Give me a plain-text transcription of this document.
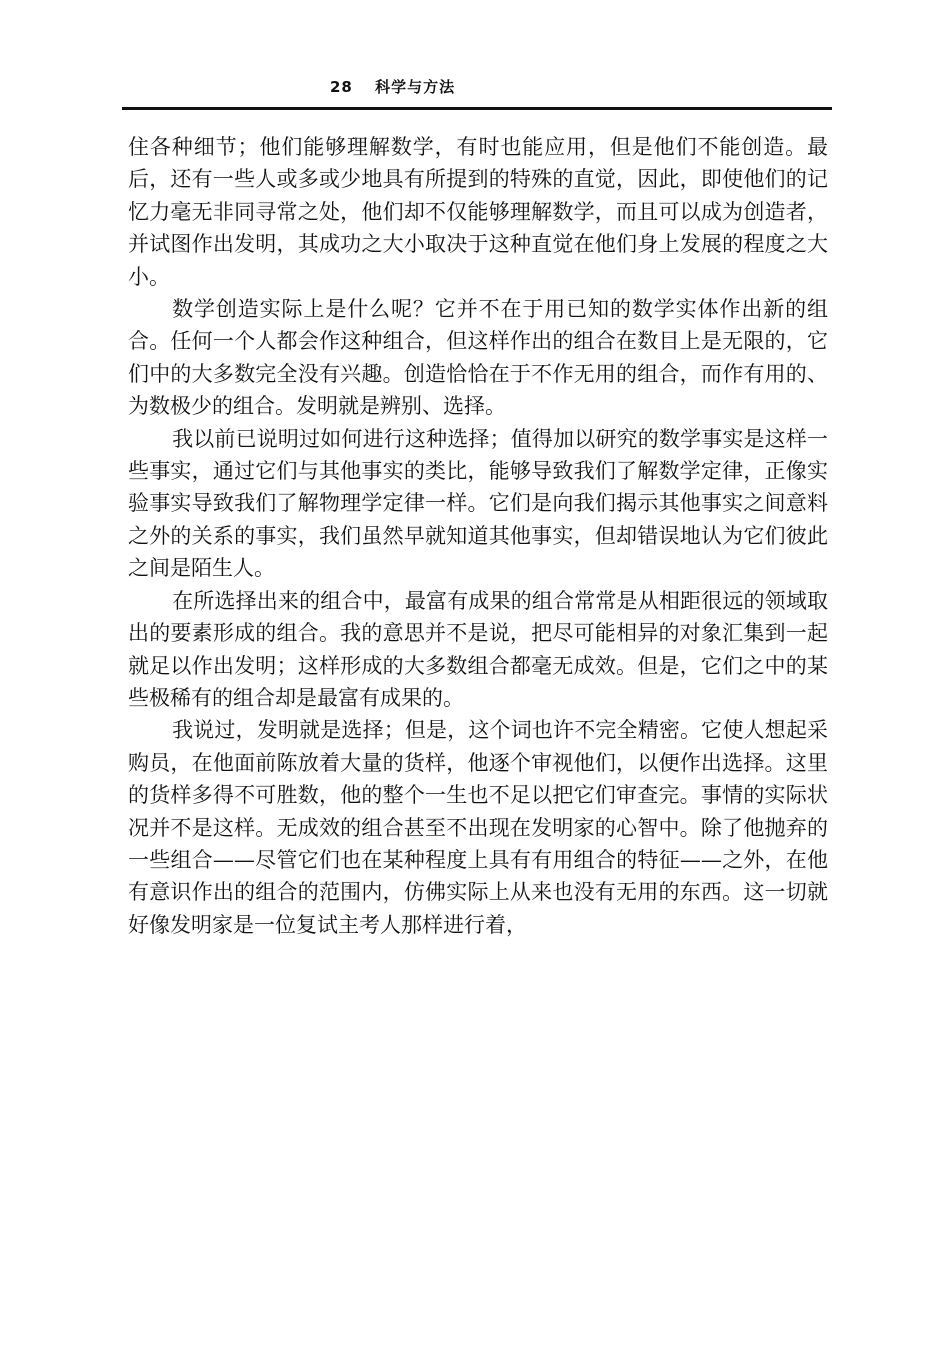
28 科学与方法

住各种细节；他们能够理解数学，有时也能应用，但是他们不能创造。最后，还有一些人或多或少地具有所提到的特殊的直觉，因此，即使他们的记忆力毫无非同寻常之处，他们却不仅能够理解数学，而且可以成为创造者，并试图作出发明，其成功之大小取决于这种直觉在他们身上发展的程度之大小。

数学创造实际上是什么呢？它并不在于用已知的数学实体作出新的组合。任何一个人都会作这种组合，但这样作出的组合在数目上是无限的，它们中的大多数完全没有兴趣。创造恰恰在于不作无用的组合，而作有用的、为数极少的组合。发明就是辨别、选择。

我以前已说明过如何进行这种选择；值得加以研究的数学事实是这样一些事实，通过它们与其他事实的类比，能够导致我们了解数学定律，正像实验事实导致我们了解物理学定律一样。它们是向我们揭示其他事实之间意料之外的关系的事实，我们虽然早就知道其他事实，但却错误地认为它们彼此之间是陌生人。

在所选择出来的组合中，最富有成果的组合常常是从相距很远的领域取出的要素形成的组合。我的意思并不是说，把尽可能相异的对象汇集到一起就足以作出发明；这样形成的大多数组合都毫无成效。但是，它们之中的某些极稀有的组合却是最富有成果的。

我说过，发明就是选择；但是，这个词也许不完全精密。它使人想起采购员，在他面前陈放着大量的货样，他逐个审视他们，以便作出选择。这里的货样多得不可胜数，他的整个一生也不足以把它们审查完。事情的实际状况并不是这样。无成效的组合甚至不出现在发明家的心智中。除了他抛弃的一些组合——尽管它们也在某种程度上具有有用组合的特征——之外，在他有意识作出的组合的范围内，仿佛实际上从来也没有无用的东西。这一切就好像发明家是一位复试主考人那样进行着，
